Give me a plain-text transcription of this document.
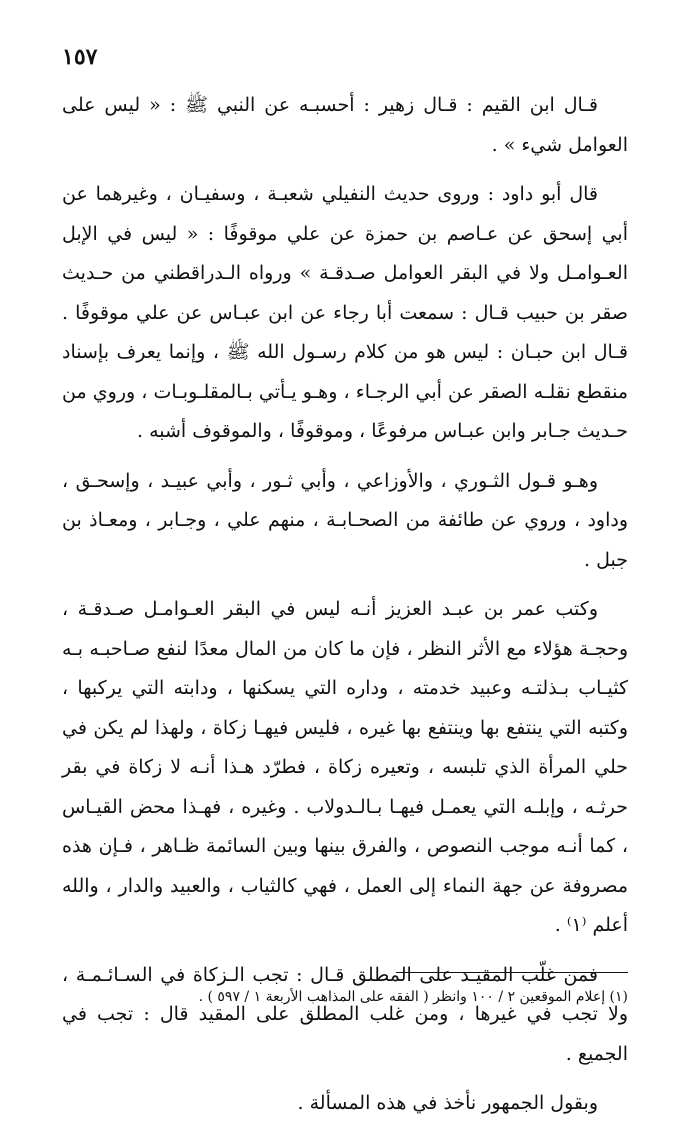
١٥٧

قـال ابن القيم : قـال زهير : أحسبـه عن النبي ﷺ : « ليس على العوامل شيء » .

قال أبو داود : وروى حديث النفيلي شعبـة ، وسفيـان ، وغيرهما عن أبي إسحق عن عـاصم بن حمزة عن علي موقوفًا : « ليس في الإبل العـوامـل ولا في البقر العوامل صـدقـة » ورواه الـدراقطني من حـديث صقر بن حبيب قـال : سمعت أبا رجاء عن ابن عبـاس عن علي موقوفًا . قـال ابن حبـان : ليس هو من كلام رسـول الله ﷺ ، وإنما يعرف بإسناد منقطع نقلـه الصقر عن أبي الرجـاء ، وهـو يـأتي بـالمقلـوبـات ، وروي من حـديث جـابر وابن عبـاس مرفوعًا ، وموقوفًا ، والموقوف أشبه .

وهـو قـول الثـوري ، والأوزاعي ، وأبي ثـور ، وأبي عبيـد ، وإسحـق ، وداود ، وروي عن طائفة من الصحـابـة ، منهم علي ، وجـابر ، ومعـاذ بن جبل .

وكتب عمر بن عبـد العزيز أنـه ليس في البقر العـوامـل صـدقـة ، وحجـة هؤلاء مع الأثر النظر ، فإن ما كان من المال معدًا لنفع صـاحبـه بـه كثيـاب بـذلتـه وعبيد خدمته ، وداره التي يسكنها ، ودابته التي يركبها ، وكتبه التي ينتفع بها وينتفع بها غيره ، فليس فيهـا زكاة ، ولهذا لم يكن في حلي المرأة الذي تلبسه ، وتعيره زكاة ، فطرّد هـذا أنـه لا زكاة في بقر حرثـه ، وإبلـه التي يعمـل فيهـا بـالـدولاب . وغيره ، فهـذا محض القيـاس ، كما أنـه موجب النصوص ، والفرق بينها وبين السائمة ظـاهر ، فـإن هذه مصروفة عن جهة النماء إلى العمل ، فهي كالثياب ، والعبيد والدار ، والله أعلم ⁽١⁾ .

فمن غلّب المقيـد على المطلق قـال : تجب الـزكاة في السـائـمـة ، ولا تجب في غيرها ، ومن غلب المطلق على المقيد قال : تجب في الجميع .

وبقول الجمهور نأخذ في هذه المسألة .

(١) إعلام الموقعين ٢ / ١٠٠ وانظر ( الفقه على المذاهب الأربعة ١ / ٥٩٧ ) .
